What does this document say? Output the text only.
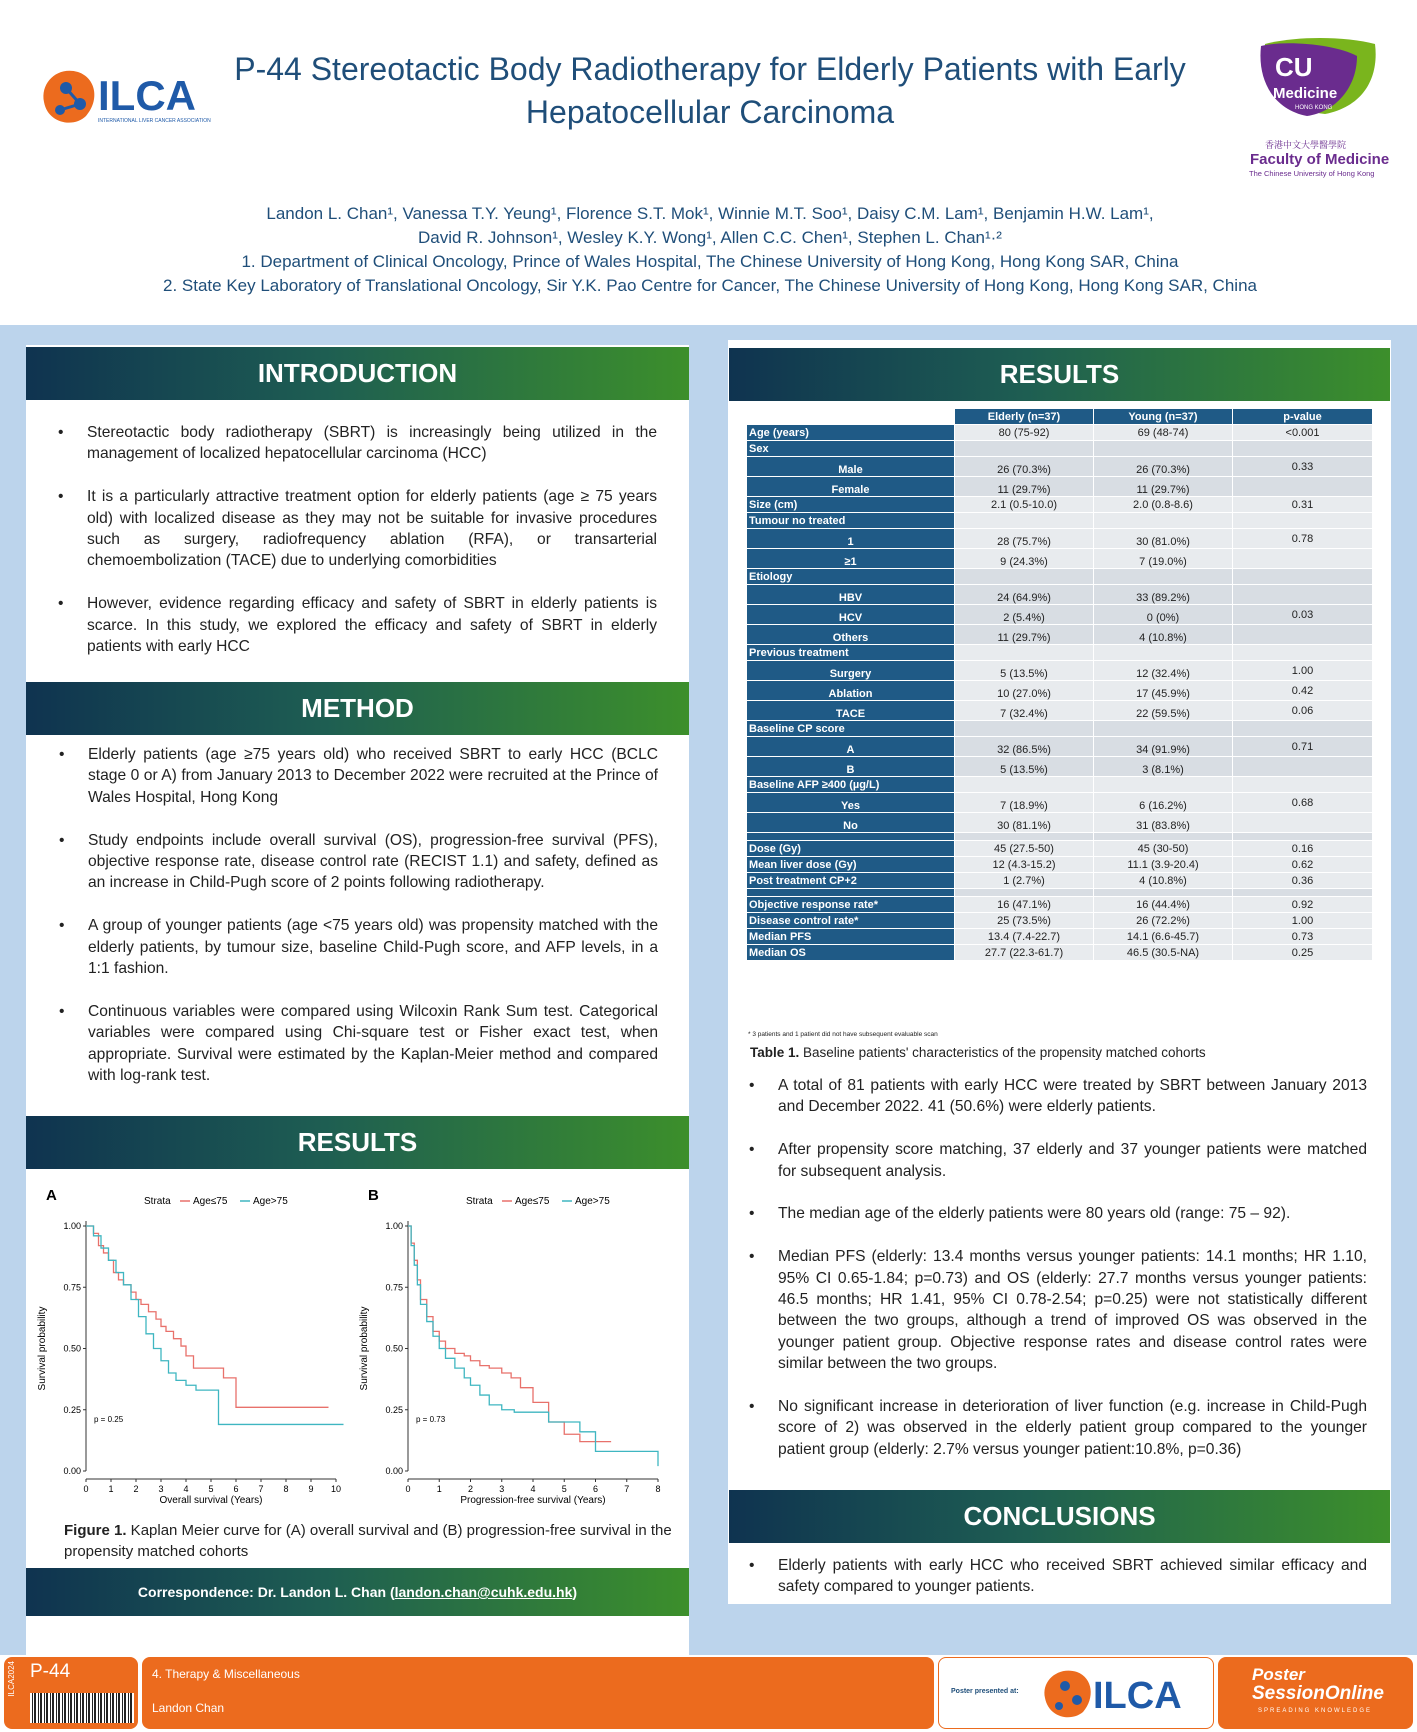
ILCA
INTERNATIONAL LIVER CANCER ASSOCIATION
P-44 Stereotactic Body Radiotherapy for Elderly Patients with Early Hepatocellular Carcinoma
CU
Medicine
HONG KONG
香港中文大學醫學院
Faculty of Medicine
The Chinese University of Hong Kong
Landon L. Chan¹, Vanessa T.Y. Yeung¹, Florence S.T. Mok¹, Winnie M.T. Soo¹, Daisy C.M. Lam¹, Benjamin H.W. Lam¹,
David R. Johnson¹, Wesley K.Y. Wong¹, Allen C.C. Chen¹, Stephen L. Chan¹·²
1. Department of Clinical Oncology, Prince of Wales Hospital, The Chinese University of Hong Kong, Hong Kong SAR, China
2. State Key Laboratory of Translational Oncology, Sir Y.K. Pao Centre for Cancer, The Chinese University of Hong Kong, Hong Kong SAR, China
INTRODUCTION
• Stereotactic body radiotherapy (SBRT) is increasingly being utilized in the management of localized hepatocellular carcinoma (HCC)
• It is a particularly attractive treatment option for elderly patients (age ≥ 75 years old) with localized disease as they may not be suitable for invasive procedures such as surgery, radiofrequency ablation (RFA), or transarterial chemoembolization (TACE) due to underlying comorbidities
• However, evidence regarding efficacy and safety of SBRT in elderly patients is scarce. In this study, we explored the efficacy and safety of SBRT in elderly patients with early HCC
METHOD
• Elderly patients (age ≥75 years old) who received SBRT to early HCC (BCLC stage 0 or A) from January 2013 to December 2022 were recruited at the Prince of Wales Hospital, Hong Kong
• Study endpoints include overall survival (OS), progression-free survival (PFS), objective response rate, disease control rate (RECIST 1.1) and safety, defined as an increase in Child-Pugh score of 2 points following radiotherapy.
• A group of younger patients (age <75 years old) was propensity matched with the elderly patients, by tumour size, baseline Child-Pugh score, and AFP levels, in a 1:1 fashion.
• Continuous variables were compared using Wilcoxin Rank Sum test. Categorical variables were compared using Chi-square test or Fisher exact test, when appropriate. Survival were estimated by the Kaplan-Meier method and compared with log-rank test.
RESULTS
A	Strata Age≤75	Age>75
0.00
0.25
0.50
0.75
1.00
0 1 2 3 4 5 6 7 8 9 10
Overall survival (Years)
Survival probability
p = 0.25
B	Strata Age≤75	Age>75
0.00
0.25
0.50
0.75
1.00
0	1	2	3	4	5	6	7	8
Progression-free survival (Years)
Survival probability
p = 0.73
Figure 1. Kaplan Meier curve for (A) overall survival and (B) progression-free survival in the propensity matched cohorts
Correspondence: Dr. Landon L. Chan (landon.chan@cuhk.edu.hk)
RESULTS
	Elderly (n=37)	Young (n=37)	p-value
Age (years)	80 (75-92)	69 (48-74)	<0.001
Sex			
Male	26 (70.3%)	26 (70.3%)	0.33
Female	11 (29.7%)	11 (29.7%)	
Size (cm)	2.1 (0.5-10.0)	2.0 (0.8-8.6)	0.31
Tumour no treated			
1	28 (75.7%)	30 (81.0%)	0.78
≥1	9 (24.3%)	7 (19.0%)	
Etiology			
HBV	24 (64.9%)	33 (89.2%)	
HCV	2 (5.4%)	0 (0%)	0.03
Others	11 (29.7%)	4 (10.8%)	
Previous treatment			
Surgery	5 (13.5%)	12 (32.4%)	1.00
Ablation	10 (27.0%)	17 (45.9%)	0.42
TACE	7 (32.4%)	22 (59.5%)	0.06
Baseline CP score			
A	32 (86.5%)	34 (91.9%)	0.71
B	5 (13.5%)	3 (8.1%)	
Baseline AFP ≥400 (µg/L)			
Yes	7 (18.9%)	6 (16.2%)	0.68
No	30 (81.1%)	31 (83.8%)	

Dose (Gy)	45 (27.5-50)	45 (30-50)	0.16
Mean liver dose (Gy)	12 (4.3-15.2)	11.1 (3.9-20.4)	0.62
Post treatment CP+2	1 (2.7%)	4 (10.8%)	0.36

Objective response rate*	16 (47.1%)	16 (44.4%)	0.92
Disease control rate*	25 (73.5%)	26 (72.2%)	1.00
Median PFS	13.4 (7.4-22.7)	14.1 (6.6-45.7)	0.73
Median OS	27.7 (22.3-61.7)	46.5 (30.5-NA)	0.25
* 3 patients and 1 patient did not have subsequent evaluable scan
Table 1. Baseline patients' characteristics of the propensity matched cohorts
• A total of 81 patients with early HCC were treated by SBRT between January 2013 and December 2022. 41 (50.6%) were elderly patients.
• After propensity score matching, 37 elderly and 37 younger patients were matched for subsequent analysis.
• The median age of the elderly patients were 80 years old (range: 75 – 92).
• Median PFS (elderly: 13.4 months versus younger patients: 14.1 months; HR 1.10, 95% CI 0.65-1.84; p=0.73) and OS (elderly: 27.7 months versus younger patients: 46.5 months; HR 1.41, 95% CI 0.78-2.54; p=0.25) were not statistically different between the two groups, although a trend of improved OS was observed in the younger patient group. Objective response rates and disease control rates were similar between the two groups.
• No significant increase in deterioration of liver function (e.g. increase in Child-Pugh score of 2) was observed in the elderly patient group compared to the younger patient group (elderly: 2.7% versus younger patient:10.8%, p=0.36)
CONCLUSIONS
• Elderly patients with early HCC who received SBRT achieved similar efficacy and safety compared to younger patients.
ILCA2024 P-44	4. Therapy & Miscellaneous
Landon Chan
Poster presented at: ILCA
Poster
SessionOnline
SPREADING KNOWLEDGE
